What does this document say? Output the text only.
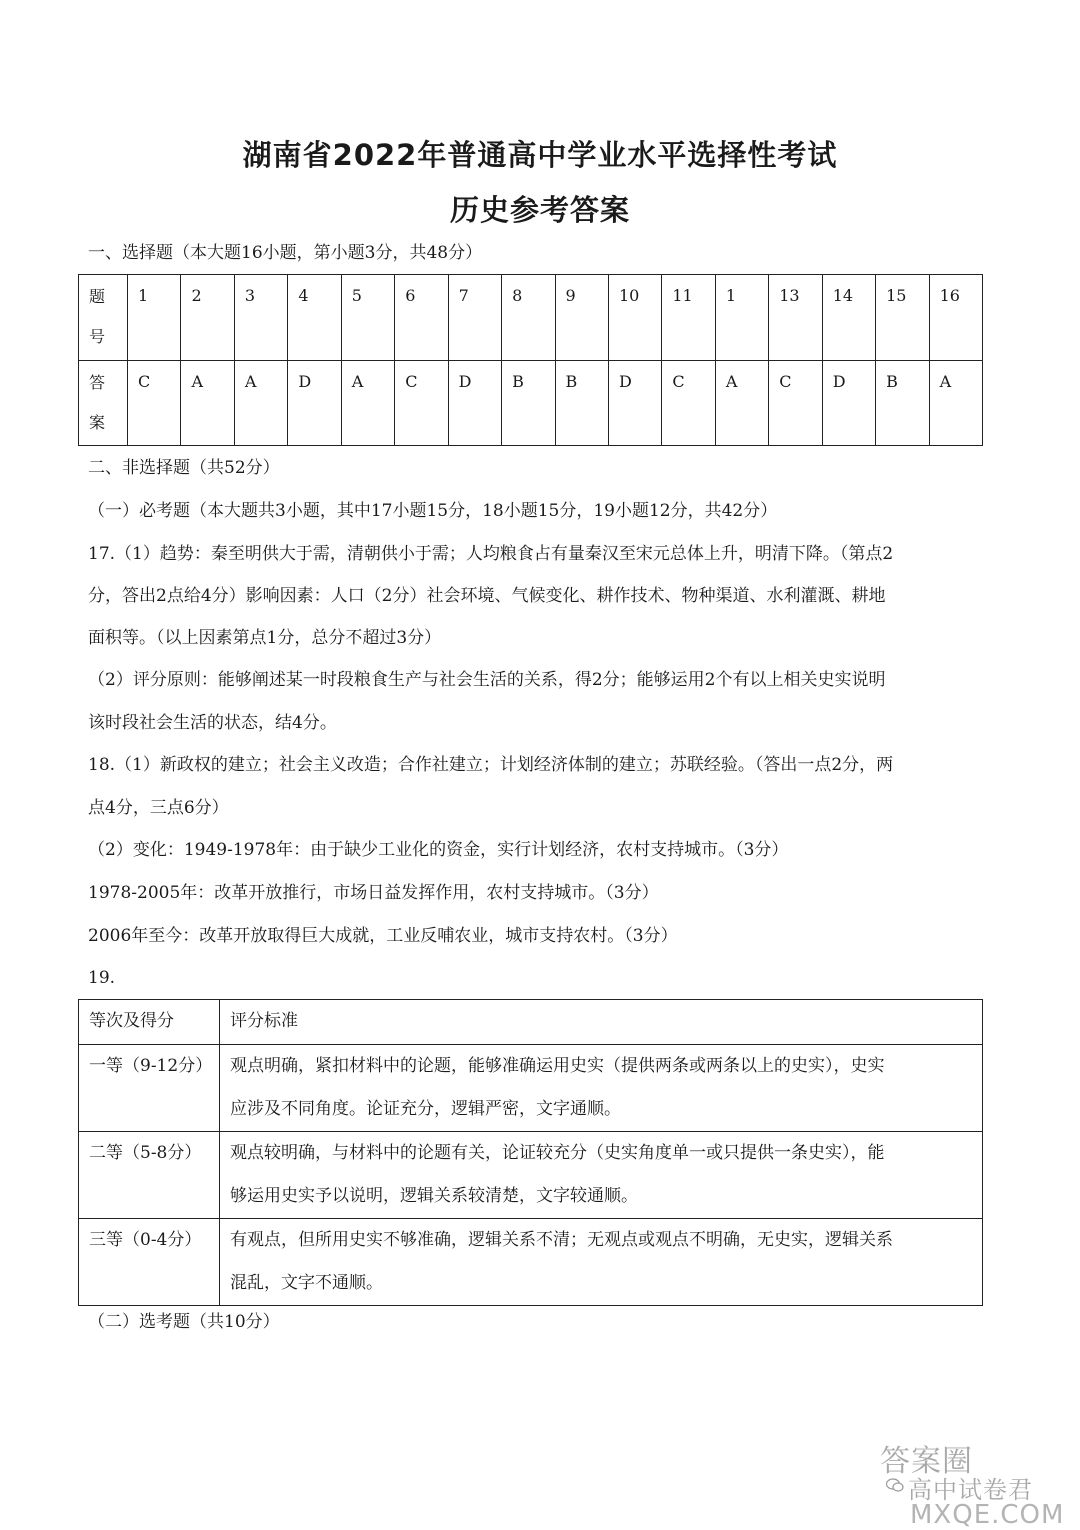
湖南省2022年普通高中学业水平选择性考试
历史参考答案
一、选择题（本大题16小题，第小题3分，共48分）
题
号	1	2	3	4	5	6	7	8	9	10	11	1	13	14	15	16

答
案	C	A	A	D	A	C	D	B	B	D	C	A	C	D	B	A
二、非选择题（共52分）
（一）必考题（本大题共3小题，其中17小题15分，18小题15分，19小题12分，共42分）
17.（1）趋势：秦至明供大于需，清朝供小于需；人均粮食占有量秦汉至宋元总体上升，明清下降。（第点2
分，答出2点给4分）影响因素：人口（2分）社会环境、气候变化、耕作技术、物种渠道、水利灌溉、耕地
面积等。（以上因素第点1分，总分不超过3分）
（2）评分原则：能够阐述某一时段粮食生产与社会生活的关系，得2分；能够运用2个有以上相关史实说明
该时段社会生活的状态，结4分。
18.（1）新政权的建立；社会主义改造；合作社建立；计划经济体制的建立；苏联经验。（答出一点2分，两
点4分，三点6分）
（2）变化：1949-1978年：由于缺少工业化的资金，实行计划经济，农村支持城市。（3分）
1978-2005年：改革开放推行，市场日益发挥作用，农村支持城市。（3分）
2006年至今：改革开放取得巨大成就，工业反哺农业，城市支持农村。（3分）
19.
等次及得分	评分标准
一等（9-12分）	观点明确，紧扣材料中的论题，能够准确运用史实（提供两条或两条以上的史实），史实
应涉及不同角度。论证充分，逻辑严密，文字通顺。

二等（5-8分）	观点较明确，与材料中的论题有关，论证较充分（史实角度单一或只提供一条史实），能
够运用史实予以说明，逻辑关系较清楚，文字较通顺。

三等（0-4分）	有观点，但所用史实不够准确，逻辑关系不清；无观点或观点不明确，无史实，逻辑关系
混乱，文字不通顺。
（二）选考题（共10分）
答案圈
高中试卷君
MXQE.COM
